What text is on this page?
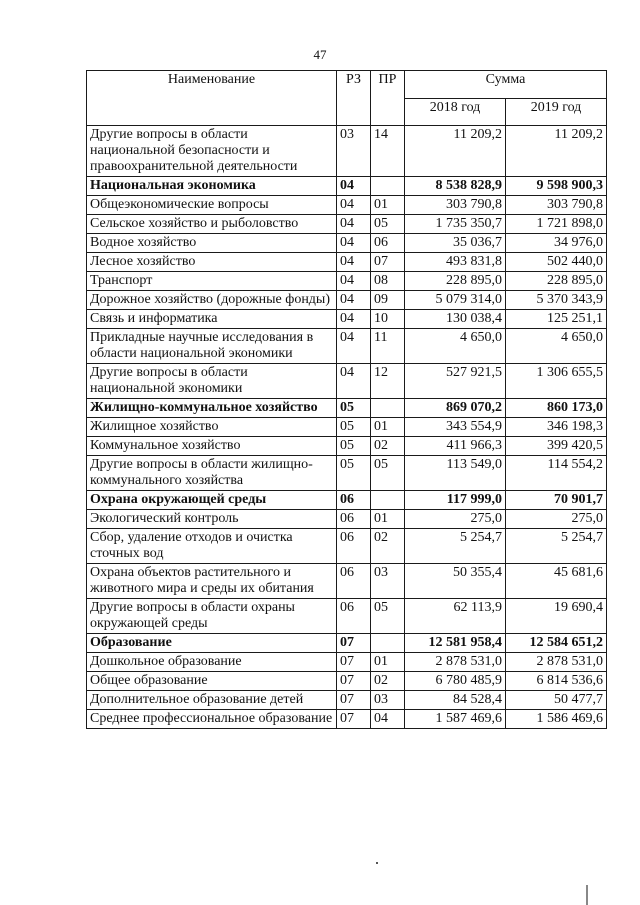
47
Наименование	РЗ	ПР	Сумма	
			2018 год	2019 год
Другие вопросы в области национальной безопасности и правоохранительной деятельности	03	14	11 209,2	11 209,2
Национальная экономика	04		8 538 828,9	9 598 900,3
Общеэкономические вопросы	04	01	303 790,8	303 790,8
Сельское хозяйство и рыболовство	04	05	1 735 350,7	1 721 898,0
Водное хозяйство	04	06	35 036,7	34 976,0
Лесное хозяйство	04	07	493 831,8	502 440,0
Транспорт	04	08	228 895,0	228 895,0
Дорожное хозяйство (дорожные фонды)	04	09	5 079 314,0	5 370 343,9
Связь и информатика	04	10	130 038,4	125 251,1
Прикладные научные исследования в области национальной экономики	04	11	4 650,0	4 650,0
Другие вопросы в области национальной экономики	04	12	527 921,5	1 306 655,5
Жилищно-коммунальное хозяйство	05		869 070,2	860 173,0
Жилищное хозяйство	05	01	343 554,9	346 198,3
Коммунальное хозяйство	05	02	411 966,3	399 420,5
Другие вопросы в области жилищно-коммунального хозяйства	05	05	113 549,0	114 554,2
Охрана окружающей среды	06		117 999,0	70 901,7
Экологический контроль	06	01	275,0	275,0
Сбор, удаление отходов и очистка сточных вод	06	02	5 254,7	5 254,7
Охрана объектов растительного и животного мира и среды их обитания	06	03	50 355,4	45 681,6
Другие вопросы в области охраны окружающей среды	06	05	62 113,9	19 690,4
Образование	07		12 581 958,4	12 584 651,2
Дошкольное образование	07	01	2 878 531,0	2 878 531,0
Общее образование	07	02	6 780 485,9	6 814 536,6
Дополнительное образование детей	07	03	84 528,4	50 477,7
Среднее профессиональное образование	07	04	1 587 469,6	1 586 469,6
